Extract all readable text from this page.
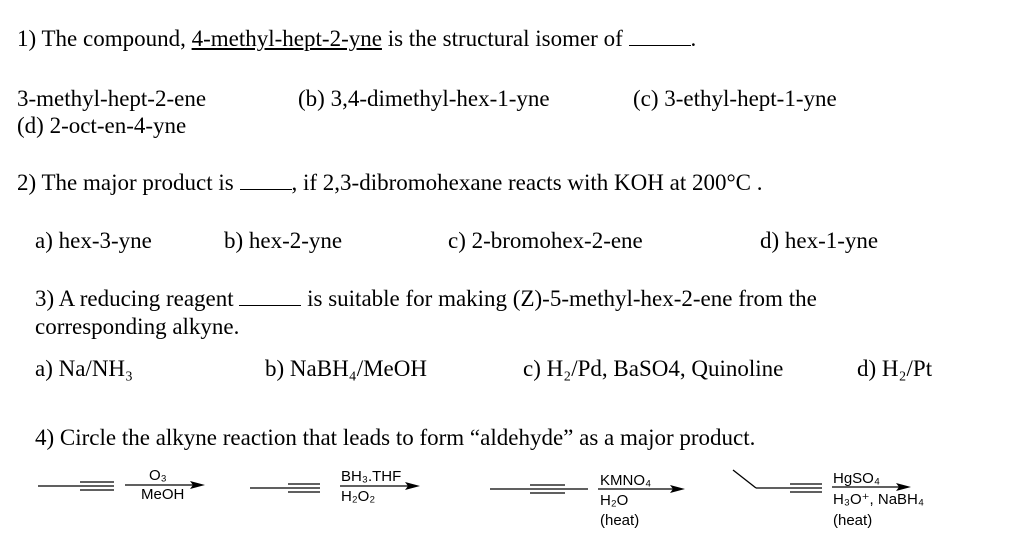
1) The compound, 4-methyl-hept-2-yne is the structural isomer of	.
3-methyl-hept-2-ene	(b) 3,4-dimethyl-hex-1-yne	(c) 3-ethyl-hept-1-yne
(d) 2-oct-en-4-yne
2) The major product is	, if 2,3-dibromohexane reacts with KOH at 200°C .
a) hex-3-yne	b) hex-2-yne	c) 2-bromohex-2-ene	d) hex-1-yne
3) A reducing reagent	is suitable for making (Z)-5-methyl-hex-2-ene from the
corresponding alkyne.
a) Na/NH₃	b) NaBH₄/MeOH	c) H₂/Pd, BaSO4, Quinoline	d) H₂/Pt
4) Circle the alkyne reaction that leads to form “aldehyde” as a major product.
O₃
MeOH
BH₃.THF
H₂O₂
KMNO₄
H₂O
(heat)
HgSO₄
H₃O⁺, NaBH₄
(heat)
